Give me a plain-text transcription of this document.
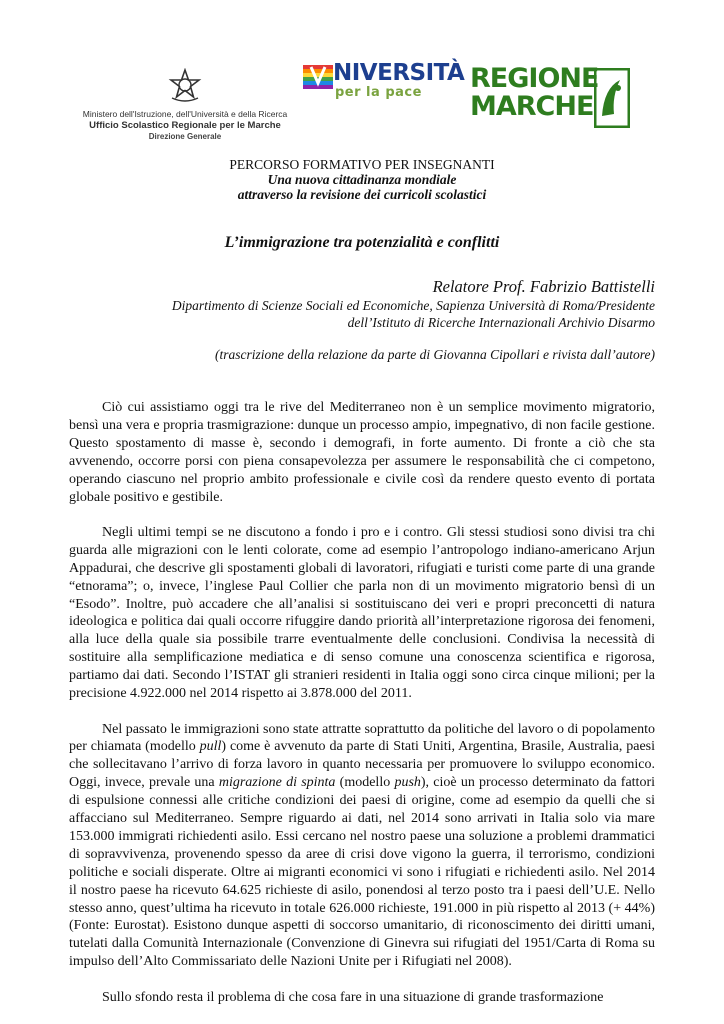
Ministero dell'Istruzione, dell'Università e della Ricerca
Ufficio Scolastico Regionale per le Marche
Direzione Generale
NIVERSITÀ
per la pace REGIONE
MARCHE
PERCORSO FORMATIVO PER INSEGNANTI
Una nuova cittadinanza mondiale
attraverso la revisione dei curricoli scolastici
L’immigrazione tra potenzialità e conflitti
Relatore Prof. Fabrizio Battistelli
Dipartimento di Scienze Sociali ed Economiche, Sapienza Università di Roma/Presidente
dell’Istituto di Ricerche Internazionali Archivio Disarmo
(trascrizione della relazione da parte di Giovanna Cipollari e rivista dall’autore)

Ciò cui assistiamo oggi tra le rive del Mediterraneo non è un semplice movimento migratorio, bensì una vera e propria trasmigrazione: dunque un processo ampio, impegnativo, di non facile gestione. Questo spostamento di masse è, secondo i demografi, in forte aumento. Di fronte a ciò che sta avvenendo, occorre porsi con piena consapevolezza per assumere le responsabilità che ci competono, operando ciascuno nel proprio ambito professionale e civile così da rendere questo evento di portata globale positivo e gestibile.

Negli ultimi tempi se ne discutono a fondo i pro e i contro. Gli stessi studiosi sono divisi tra chi guarda alle migrazioni con le lenti colorate, come ad esempio l’antropologo indiano-americano Arjun Appadurai, che descrive gli spostamenti globali di lavoratori, rifugiati e turisti come parte di una grande “etnorama”; o, invece, l’inglese Paul Collier che parla non di un movimento migratorio bensì di un “Esodo”. Inoltre, può accadere che all’analisi si sostituiscano dei veri e propri preconcetti di natura ideologica e politica dai quali occorre rifuggire dando priorità all’interpretazione rigorosa dei fenomeni, alla luce della quale sia possibile trarre eventualmente delle conclusioni. Condivisa la necessità di sostituire alla semplificazione mediatica e di senso comune una conoscenza scientifica e rigorosa, partiamo dai dati. Secondo l’ISTAT gli stranieri residenti in Italia oggi sono circa cinque milioni; per la precisione 4.922.000 nel 2014 rispetto ai 3.878.000 del 2011.

Nel passato le immigrazioni sono state attratte soprattutto da politiche del lavoro o di popolamento per chiamata (modello pull) come è avvenuto da parte di Stati Uniti, Argentina, Brasile, Australia, paesi che sollecitavano l’arrivo di forza lavoro in quanto necessaria per promuovere lo sviluppo economico. Oggi, invece, prevale una migrazione di spinta (modello push), cioè un processo determinato da fattori di espulsione connessi alle critiche condizioni dei paesi di origine, come ad esempio da quelli che si affacciano sul Mediterraneo. Sempre riguardo ai dati, nel 2014 sono arrivati in Italia solo via mare 153.000 immigrati richiedenti asilo. Essi cercano nel nostro paese una soluzione a problemi drammatici di sopravvivenza, provenendo spesso da aree di crisi dove vigono la guerra, il terrorismo, condizioni politiche e sociali disperate. Oltre ai migranti economici vi sono i rifugiati e richiedenti asilo. Nel 2014 il nostro paese ha ricevuto 64.625 richieste di asilo, ponendosi al terzo posto tra i paesi dell’U.E. Nello stesso anno, quest’ultima ha ricevuto in totale 626.000 richieste, 191.000 in più rispetto al 2013 (+ 44%) (Fonte: Eurostat). Esistono dunque aspetti di soccorso umanitario, di riconoscimento dei diritti umani, tutelati dalla Comunità Internazionale (Convenzione di Ginevra sui rifugiati del 1951/Carta di Roma su impulso dell’Alto Commissariato delle Nazioni Unite per i Rifugiati nel 2008).

Sullo sfondo resta il problema di che cosa fare in una situazione di grande trasformazione
